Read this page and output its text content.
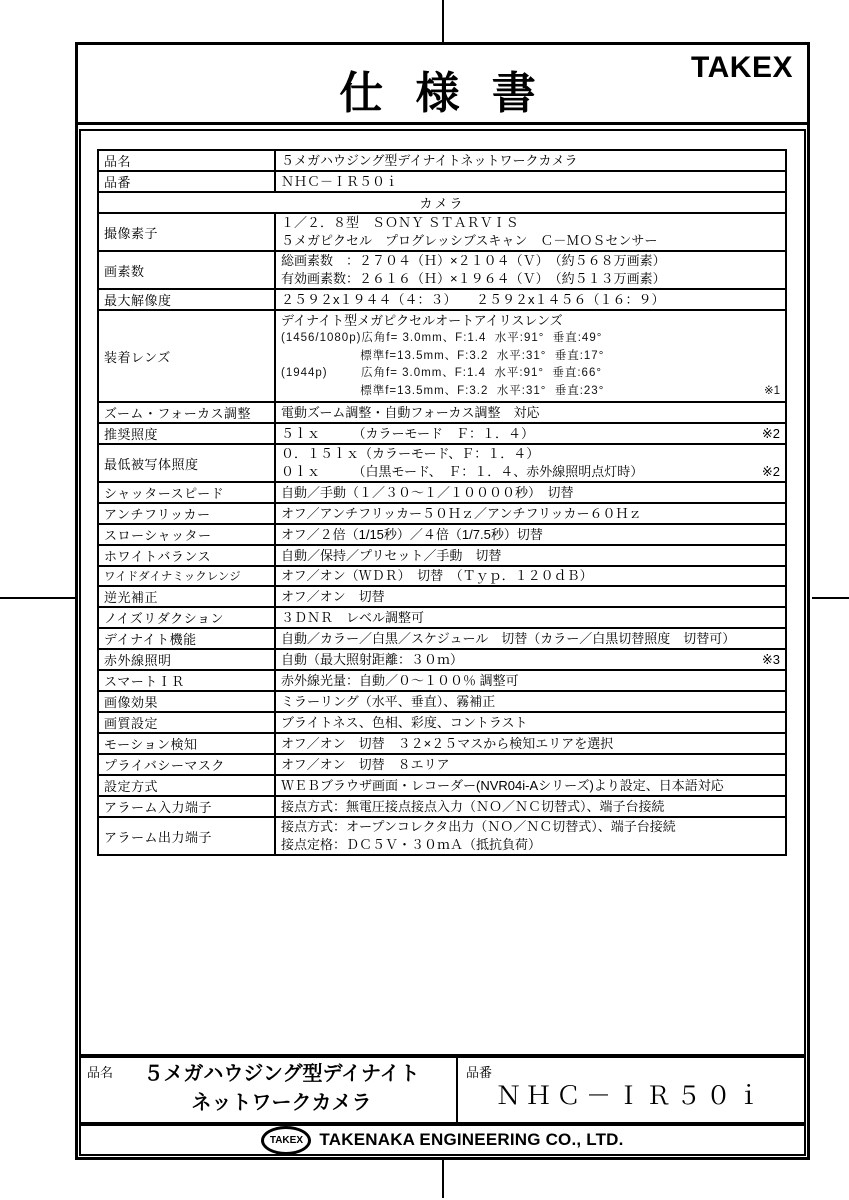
仕 様 書
TAKEX
品名	５メガハウジング型デイナイトネットワークカメラ

品番	ＮＨＣ－ＩＲ５０ｉ

カメラ	
撮像素子	１／２．８型　ＳＯＮＹ ＳＴＡＲＶＩＳ
５メガピクセル　プログレッシブスキャン　Ｃ－ＭＯＳセンサー

画素数	総画素数　：２７０４（Ｈ）×２１０４（Ｖ）　（約５６８万画素）
有効画素数：２６１６（Ｈ）×１９６４（Ｖ）　（約５１３万画素）

最大解像度	２５９２x１９４４（４：３）　　２５９２x１４５６（１６：９）

装着レンズ	
デイナイト型メガピクセルオートアイリスレンズ
(1456/1080p)広角f= 3.0mm、F:1.4  水平:91°  垂直:49°
　　　　　　 標準f=13.5mm、F:3.2  水平:31°  垂直:17°
(1944p)　　  広角f= 3.0mm、F:1.4  水平:91°  垂直:66°
　　　　　　 標準f=13.5mm、F:3.2  水平:31°  垂直:23°	※1

ズーム・フォーカス調整	電動ズーム調整・自動フォーカス調整　対応

推奨照度	５ｌｘ　　　（カラーモード　Ｆ：１．４） ※2

最低被写体照度	０．１５ｌｘ（カラーモード、Ｆ：１．４）
０ｌｘ　　　（白黒モード、　Ｆ：１．４、赤外線照明点灯時） ※2

シャッタースピード	自動／手動（１／３０～１／１００００秒）　切替

アンチフリッカー	オフ／アンチフリッカー５０Ｈｚ／アンチフリッカー６０Ｈｚ

スローシャッター	オフ／２倍（1/15秒）／４倍（1/7.5秒）切替

ホワイトバランス	自動／保持／プリセット／手動　切替

ワイドダイナミックレンジ	オフ／オン（ＷＤＲ）　切替　（Ｔｙｐ．１２０ｄＢ）

逆光補正	オフ／オン　切替

ノイズリダクション	３ＤＮＲ　レベル調整可

デイナイト機能	自動／カラー／白黒／スケジュール　切替（カラー／白黒切替照度　切替可）

赤外線照明	自動（最大照射距離：３０ｍ） ※3

スマートＩＲ	赤外線光量：自動／０～１００％ 調整可

画像効果	ミラーリング（水平、垂直）、霧補正

画質設定	ブライトネス、色相、彩度、コントラスト

モーション検知	オフ／オン　切替　３２×２５マスから検知エリアを選択

プライバシーマスク	オフ／オン　切替　８エリア

設定方式	ＷＥＢブラウザ画面・レコーダー(NVR04i-Aシリーズ)より設定、日本語対応

アラーム入力端子	接点方式：無電圧接点接点入力（ＮＯ／ＮＣ切替式）、端子台接続

アラーム出力端子	接点方式：オープンコレクタ出力（ＮＯ／ＮＣ切替式）、端子台接続
接点定格：ＤＣ５Ｖ・３０ｍＡ（抵抗負荷）
品名	５メガハウジング型デイナイト
ネットワークカメラ
品番
ＮＨＣ－ＩＲ５０ｉ
TAKEX TAKENAKA ENGINEERING CO., LTD.
